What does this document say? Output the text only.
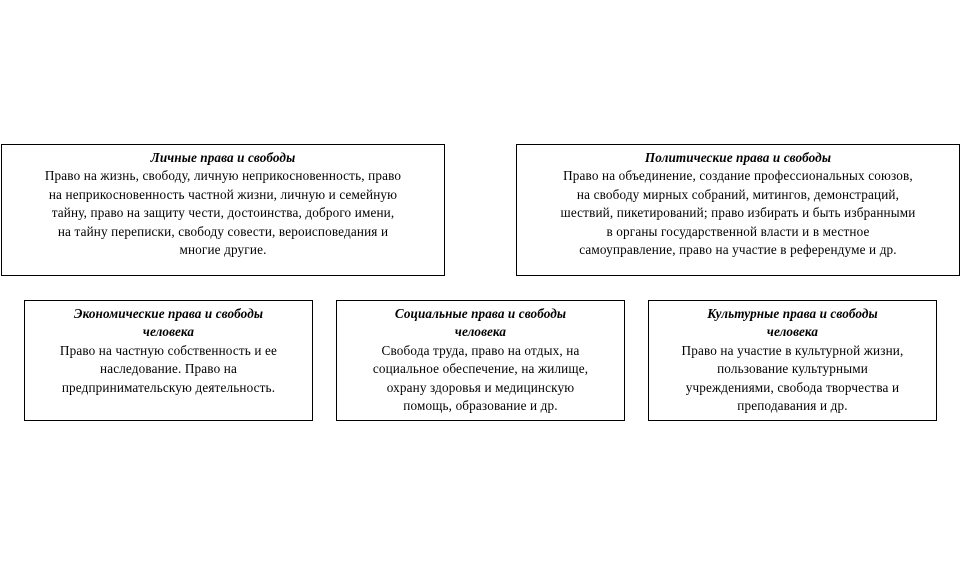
Личные права и свободы
Право на жизнь, свободу, личную неприкосновенность, право
на неприкосновенность частной жизни, личную и семейную
тайну, право на защиту чести, достоинства, доброго имени,
на тайну переписки, свободу совести, вероисповедания и
многие другие.
Политические права и свободы
Право на объединение, создание профессиональных союзов,
на свободу мирных собраний, митингов, демонстраций,
шествий, пикетирований; право избирать и быть избранными
в органы государственной власти и в местное
самоуправление, право на участие в референдуме и др.
Экономические права и свободы
человека
Право на частную собственность и ее
наследование. Право на
предпринимательскую деятельность.
Социальные права и свободы
человека
Свобода труда, право на отдых, на
социальное обеспечение, на жилище,
охрану здоровья и медицинскую
помощь, образование и др.
Культурные права и свободы
человека
Право на участие в культурной жизни,
пользование культурными
учреждениями, свобода творчества и
преподавания и др.
